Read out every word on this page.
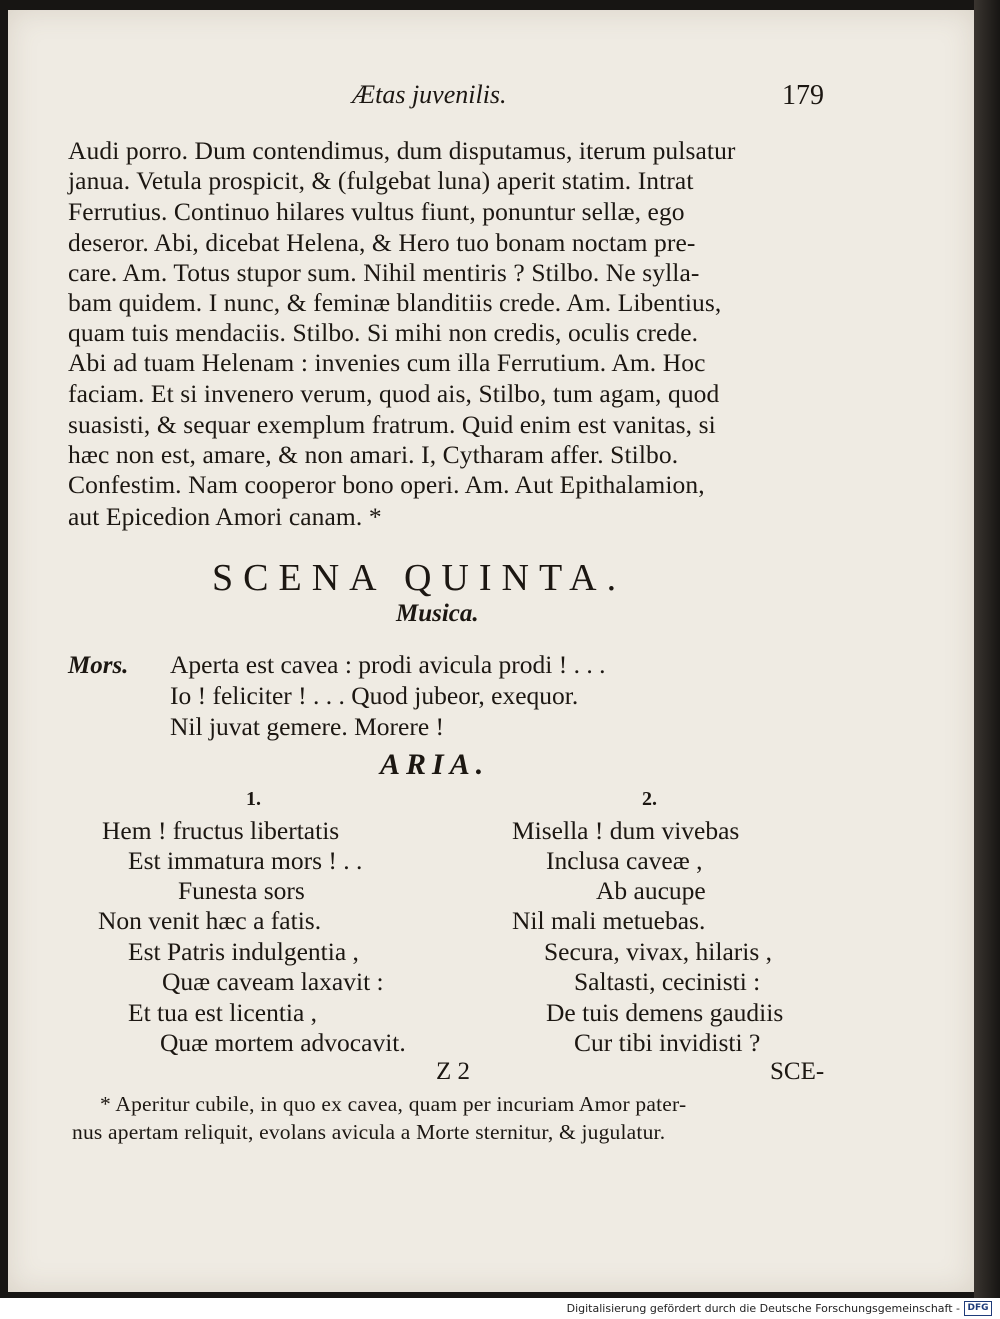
Ætas juvenilis.	179
Audi porro. Dum contendimus, dum disputamus, iterum pulsatur
janua. Vetula prospicit, & (fulgebat luna) aperit statim. Intrat
Ferrutius. Continuo hilares vultus fiunt, ponuntur sellæ, ego
deseror. Abi, dicebat Helena, & Hero tuo bonam noctam pre-
care. Am. Totus stupor sum. Nihil mentiris ? Stilbo. Ne sylla-
bam quidem. I nunc, & feminæ blanditiis crede. Am. Libentius,
quam tuis mendaciis. Stilbo. Si mihi non credis, oculis crede.
Abi ad tuam Helenam : invenies cum illa Ferrutium. Am. Hoc
faciam. Et si invenero verum, quod ais, Stilbo, tum agam, quod
suasisti, & sequar exemplum fratrum. Quid enim est vanitas, si
hæc non est, amare, & non amari. I, Cytharam affer. Stilbo.
Confestim. Nam cooperor bono operi. Am. Aut Epithalamion,
aut Epicedion Amori canam. *
SCENA QUINTA.
Musica.
Mors. Aperta est cavea : prodi avicula prodi ! . . .
Io ! feliciter ! . . . Quod jubeor, exequor.
Nil juvat gemere. Morere !
ARIA.
1.
Hem ! fructus libertatis
Est immatura mors ! . .
Funesta sors
Non venit hæc a fatis.
Est Patris indulgentia ,
Quæ caveam laxavit :
Et tua est licentia ,
Quæ mortem advocavit.
2.
Misella ! dum vivebas
Inclusa caveæ ,
Ab aucupe
Nil mali metuebas.
Secura, vivax, hilaris ,
Saltasti, cecinisti :
De tuis demens gaudiis
Cur tibi invidisti ?
Z 2	SCE-
* Aperitur cubile, in quo ex cavea, quam per incuriam Amor pater-
nus apertam reliquit, evolans avicula a Morte sternitur, & jugulatur.
Digitalisierung gefördert durch die Deutsche Forschungsgemeinschaft - DFG
